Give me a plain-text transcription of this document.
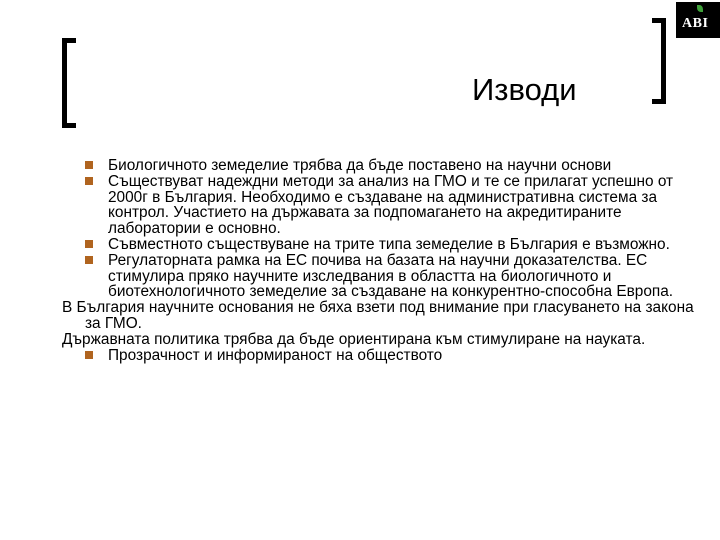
ABI
Изводи

Биологичното земеделие трябва да бъде поставено на научни основи

Съществуват надеждни методи за анализ на ГМО и те се прилагат успешно от 2000г в България. Необходимо е създаване на административна система за контрол. Участието на държавата за подпомагането на акредитираните лаборатории е основно.

Съвместното съществуване на трите типа земеделие в България е възможно.

Регулаторната рамка на ЕС почива на базата на научни доказателства. ЕС стимулира пряко научните изследвания в областта на биологичното и биотехнологичното земеделие за създаване на конкурентно-способна Европа.

В България научните основания не бяха взети под внимание при гласуването на закона за ГМО.

Държавната политика трябва да бъде ориентирана към стимулиране на науката.

Прозрачност и информираност на обществото
